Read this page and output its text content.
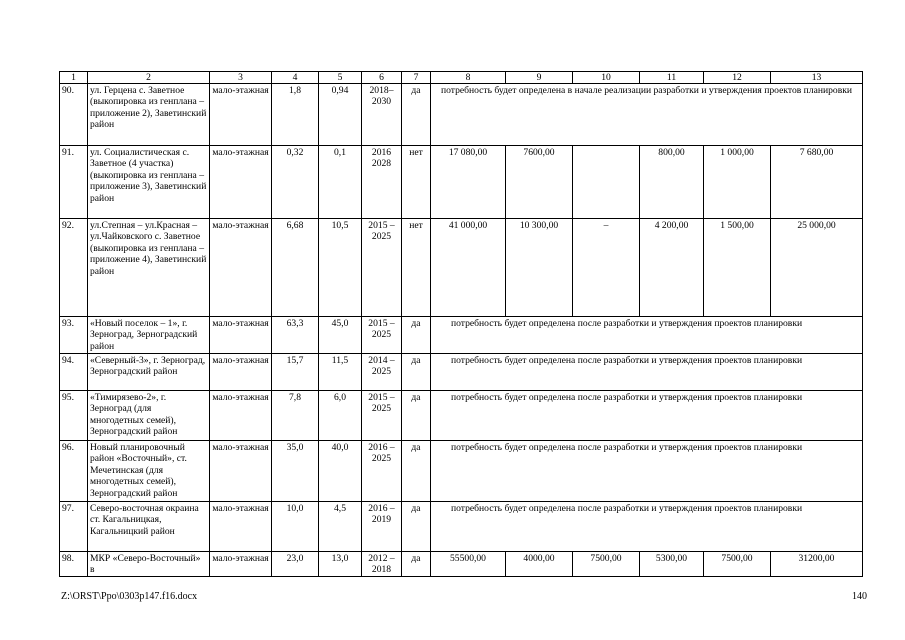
1	2	3	4	5	6	7	8	9	10	11	12	13
90.	ул. Герцена с. Заветное (выкопировка из генплана – приложение 2), Заветинский район	мало-этажная	1,8	0,94	2018–2030	да	потребность будет определена в начале реализации разработки и утверждения проектов планировки					
91.	ул. Социалистическая с. Заветное (4 участка) (выкопировка из генплана – приложение 3), Заветинский район	мало-этажная	0,32	0,1	2016 2028	нет	17 080,00	7600,00		800,00	1 000,00	7 680,00
92.	ул.Степная – ул.Красная – ул.Чайковского с. Заветное (выкопировка из генплана – приложение 4), Заветинский район	мало-этажная	6,68	10,5	2015 – 2025	нет	41 000,00	10 300,00	–	4 200,00	1 500,00	25 000,00
93.	«Новый поселок – 1», г. Зерноград, Зерноградский район	мало-этажная	63,3	45,0	2015 – 2025	да	потребность будет определена после разработки и утверждения проектов планировки					
94.	«Северный-3», г. Зерноград, Зерноградский район	мало-этажная	15,7	11,5	2014 – 2025	да	потребность будет определена после разработки и утверждения проектов планировки					
95.	«Тимирязево-2», г. Зерноград (для многодетных семей), Зерноградский район	мало-этажная	7,8	6,0	2015 – 2025	да	потребность будет определена после разработки и утверждения проектов планировки					
96.	Новый планировочный район «Восточный», ст. Мечетинская (для многодетных семей), Зерноградский район	мало-этажная	35,0	40,0	2016 – 2025	да	потребность будет определена после разработки и утверждения проектов планировки					
97.	Северо-восточная окраина ст. Кагальницкая, Кагальницкий район	мало-этажная	10,0	4,5	2016 – 2019	да	потребность будет определена после разработки и утверждения проектов планировки					
98.	МКР «Северо-Восточный» в	мало-этажная	23,0	13,0	2012 – 2018	да	55500,00	4000,00	7500,00	5300,00	7500,00	31200,00
Z:\ORST\Ppo\0303p147.f16.docx	140
